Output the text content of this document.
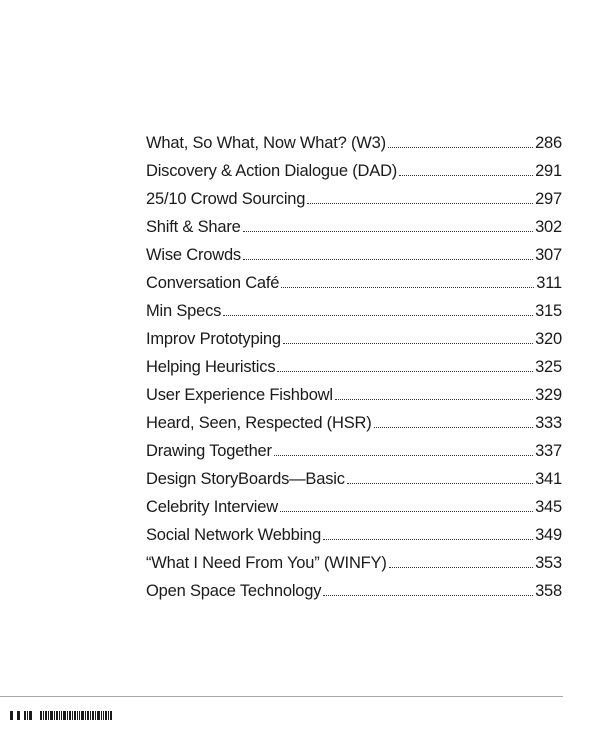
What, So What, Now What? (W3)	286
Discovery & Action Dialogue (DAD)	291
25/10 Crowd Sourcing	297
Shift & Share	302
Wise Crowds	307
Conversation Café	311
Min Specs	315
Improv Prototyping	320
Helping Heuristics	325
User Experience Fishbowl	329
Heard, Seen, Respected (HSR)	333
Drawing Together	337
Design StoryBoards—Basic	341
Celebrity Interview	345
Social Network Webbing	349
“What I Need From You” (WINFY)	353
Open Space Technology	358
